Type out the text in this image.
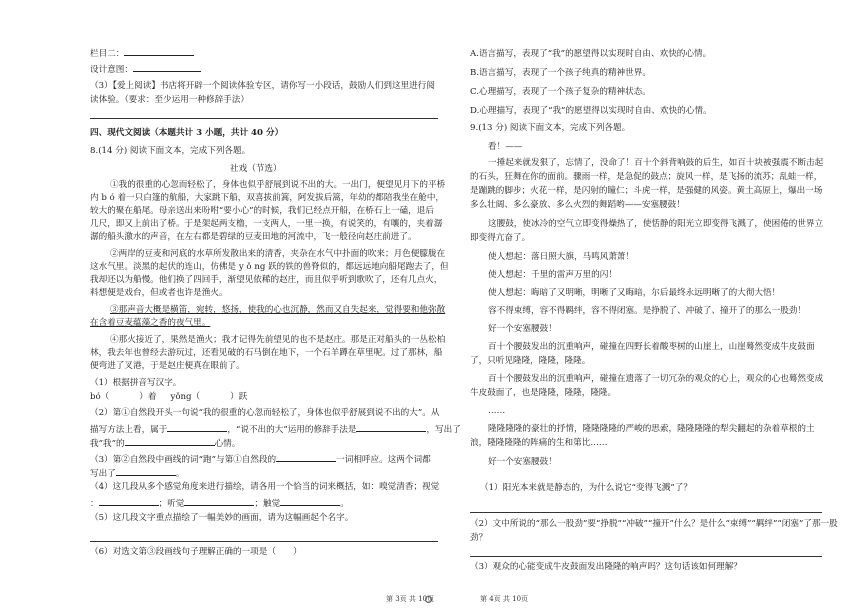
栏目二：
设计意图：
（3）【爱上阅读】书店将开辟一个阅读体验专区，请你写一小段话，鼓励人们到这里进行阅
读体验。（要求：至少运用一种修辞手法）
四、现代文阅读（本题共计 3 小题，共计 40 分）
8.(14 分) 阅读下面文本，完成下列各题。
社戏（节选）
①我的很重的心忽而轻松了，身体也似乎舒展到说不出的大。一出门，便望见月下的平桥
内 b ó 着一只白篷的航船，大家跳下船，双喜拔前篙，阿发拔后篙，年幼的都陪我坐在舱中，
较大的聚在船尾。母亲送出来吩咐“要小心”的时候，我们已经点开船，在桥石上一磕，退后
几尺，即又上前出了桥。于是架起两支橹，一支两人，一里一换，有说笑的，有嚷的，夹着潺
潺的船头激水的声音，在左右都是碧绿的豆麦田地的河流中，飞一般径向赵庄前进了。
②两岸的豆麦和河底的水草所发散出来的清香，夹杂在水气中扑面的吹来；月色便朦胧在
这水气里。淡黑的起伏的连山，仿佛是 y ǒ ng 跃的铁的兽脊似的，都远远地向船尾跑去了，但
我却还以为船慢。他们换了四回手，渐望见依稀的赵庄，而且似乎听到歌吹了，还有几点火，
料想便是戏台，但或者也许是渔火。
③那声音大概是横笛，宛转，悠扬，使我的心也沉静，然而又自失起来，觉得要和他弥散
在含着豆麦蕴藻之香的夜气里。
④那火接近了，果然是渔火；我才记得先前望见的也不是赵庄。那是正对船头的一丛松柏
林，我去年也曾经去游玩过，还看见破的石马倒在地下，一个石羊蹲在草里呢。过了那林，船
便弯进了叉港，于是赵庄便真在眼前了。
（1）根据拼音写汉字。
bó（	）着 yǒng（	）跃
（2）第①自然段开头一句说“我的很重的心忽而轻松了，身体也似乎舒展到说不出的大”。从
描写方法上看，属于	，“说不出的大”运用的修辞手法是	，写出了
我”我”的	心情。
（3）第②自然段中画线的词“跑”与第①自然段的	一词相呼应。这两个词都
写出了	。
（4）这几段从多个感觉角度来进行描绘，请各用一个恰当的词来概括，如：嗅觉清香；视觉
：	；听觉	；触觉	。
（5）这几段文字重点描绘了一幅美妙的画面，请为这幅画起个名字。
（6）对选文第③段画线句子理解正确的一项是（　　）
第 3页 共 10页
A.语言描写，表现了“我”的愿望得以实现时自由、欢快的心情。
B.语言描写，表现了一个孩子纯真的精神世界。
C.心理描写，表现了一个孩子复杂的精神状态。
D.心理描写，表现了“我”的愿望得以实现时自由、欢快的心情。
9.(13 分) 阅读下面文本，完成下列各题。
看！——
一捶起来就发狠了，忘情了，没命了！百十个斜背响鼓的后生，如百十块被强震不断击起
的石头，狂舞在你的面前。骤雨一样，是急促的鼓点；旋风一样，是飞扬的流苏；乱蛙一样，
是蹦跳的脚步；火花一样，是闪射的瞳仁；斗虎一样，是强健的风姿。黄土高原上，爆出一场
多么壮阔、多么豪放、多么火烈的舞蹈哟——安塞腰鼓！
这腰鼓，使冰冷的空气立即变得燥热了，使恬静的阳光立即变得飞溅了，使困倦的世界立
即变得亢奋了。
使人想起：落日照大旗，马鸣风萧萧！
使人想起：千里的雷声万里的闪！
使人想起：晦暗了又明晰，明晰了又晦暗，尔后最终永远明晰了的大彻大悟！
容不得束缚，容不得羁绊，容不得闭塞。是挣脱了、冲破了、撞开了的那么一股劲！
好一个安塞腰鼓！
百十个腰鼓发出的沉重响声，碰撞在四野长着酸枣树的山崖上，山崖蓦然变成牛皮鼓面
了，只听见隆隆，隆隆，隆隆。
百十个腰鼓发出的沉重响声，碰撞在遗落了一切冗杂的观众的心上，观众的心也蓦然变成
牛皮鼓面了，也是隆隆，隆隆，隆隆。
……
隆隆隆隆的豪壮的抒情，隆隆隆隆的严峻的思索，隆隆隆隆的犁尖翻起的杂着草根的土
浪，隆隆隆隆的阵痛的生和第比……
好一个安塞腰鼓！
（1）阳光本来就是静态的，为什么说它“变得飞溅”了？
（2）文中所说的“那么一股劲”要“挣脱”“冲破”“撞开”什么？是什么“束缚”“羁绊”“闭塞”了那一股
劲？
（3）观众的心能变成牛皮鼓面发出隆隆的响声吗？这句话该如何理解？
第 4页 共 10页
